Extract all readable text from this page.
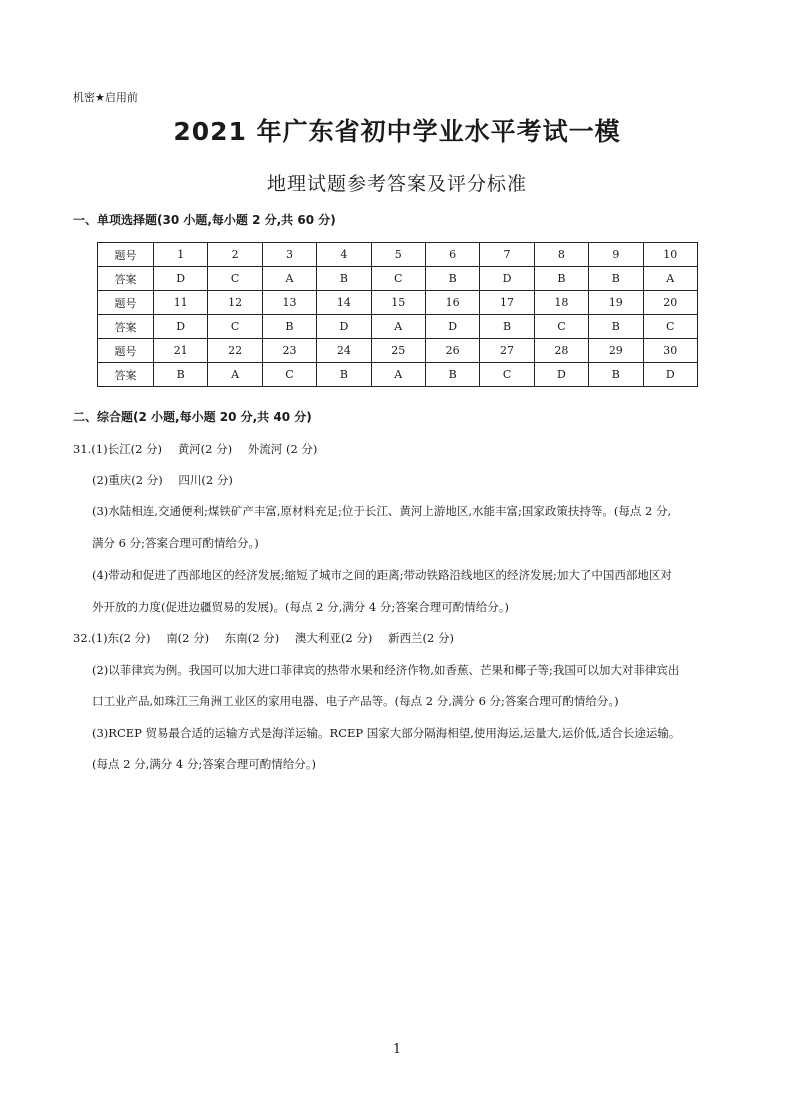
机密★启用前
2021 年广东省初中学业水平考试一模
地理试题参考答案及评分标准
一、单项选择题(30 小题,每小题 2 分,共 60 分)
题号	1	2	3	4	5	6	7	8	9	10
答案	D	C	A	B	C	B	D	B	B	A
题号	11	12	13	14	15	16	17	18	19	20
答案	D	C	B	D	A	D	B	C	B	C
题号	21	22	23	24	25	26	27	28	29	30
答案	B	A	C	B	A	B	C	D	B	D
二、综合题(2 小题,每小题 20 分,共 40 分)
31.(1)长江(2 分) 黄河(2 分) 外流河 (2 分)
(2)重庆(2 分) 四川(2 分)
(3)水陆相连,交通便利;煤铁矿产丰富,原材料充足;位于长江、黄河上游地区,水能丰富;国家政策扶持等。(每点 2 分,
满分 6 分;答案合理可酌情给分。)
(4)带动和促进了西部地区的经济发展;缩短了城市之间的距离;带动铁路沿线地区的经济发展;加大了中国西部地区对
外开放的力度(促进边疆贸易的发展)。(每点 2 分,满分 4 分;答案合理可酌情给分。)
32.(1)东(2 分) 南(2 分) 东南(2 分) 澳大利亚(2 分) 新西兰(2 分)
(2)以菲律宾为例。我国可以加大进口菲律宾的热带水果和经济作物,如香蕉、芒果和椰子等;我国可以加大对菲律宾出
口工业产品,如珠江三角洲工业区的家用电器、电子产品等。(每点 2 分,满分 6 分;答案合理可酌情给分。)
(3)RCEP 贸易最合适的运输方式是海洋运输。RCEP 国家大部分隔海相望,使用海运,运量大,运价低,适合长途运输。
(每点 2 分,满分 4 分;答案合理可酌情给分。)
1
